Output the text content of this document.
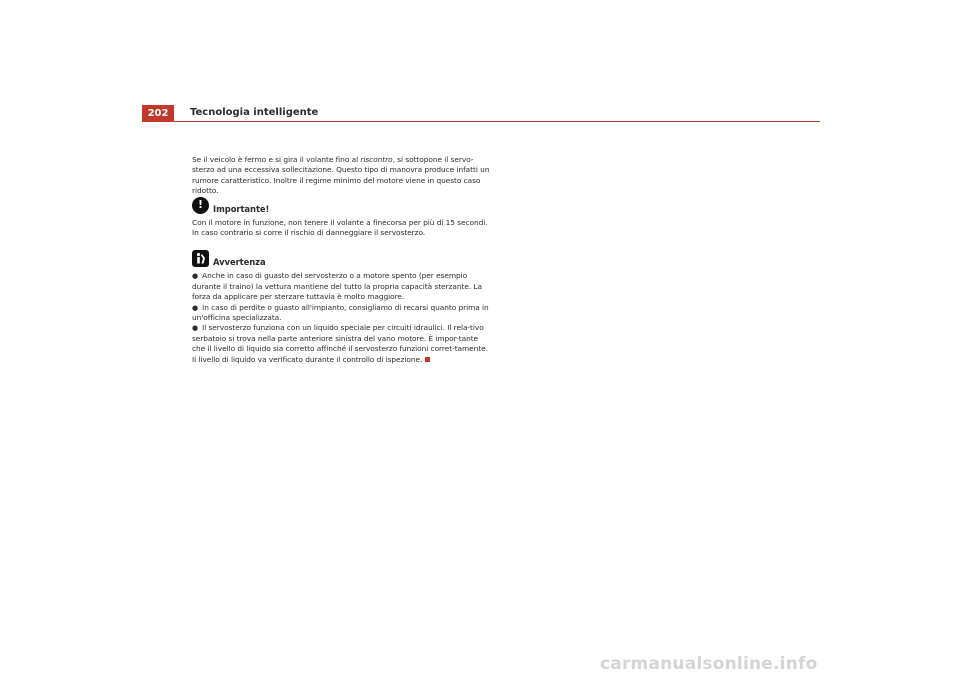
202	Tecnologia intelligente

Se il veicolo è fermo e si gira il volante fino al riscontro, si sottopone il servo-sterzo ad una eccessiva sollecitazione. Questo tipo di manovra produce infatti un rumore caratteristico. Inoltre il regime minimo del motore viene in questo caso ridotto.

!	Importante!

Con il motore in funzione, non tenere il volante a finecorsa per più di 15 secondi. In caso contrario si corre il rischio di danneggiare il servosterzo.

Avvertenza

● Anche in caso di guasto del servosterzo o a motore spento (per esempio durante il traino) la vettura mantiene del tutto la propria capacità sterzante. La forza da applicare per sterzare tuttavia è molto maggiore.

● In caso di perdite o guasto all'impianto, consigliamo di recarsi quanto prima in un'officina specializzata.

● Il servosterzo funziona con un liquido speciale per circuiti idraulici. Il rela-tivo serbatoio si trova nella parte anteriore sinistra del vano motore. È impor-tante che il livello di liquido sia corretto affinché il servosterzo funzioni corret-tamente. Il livello di liquido va verificato durante il controllo di ispezione.

carmanualsonline.info
